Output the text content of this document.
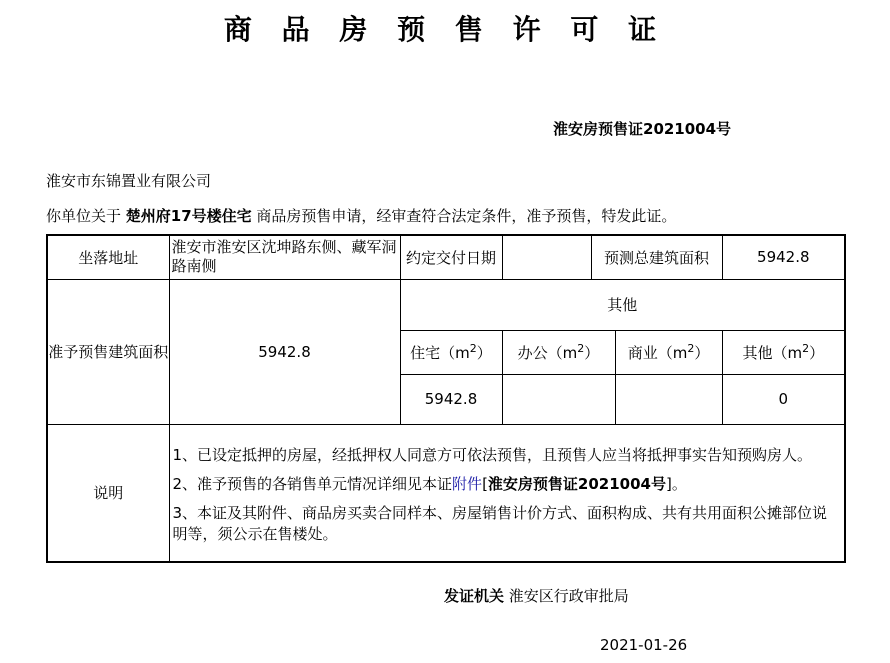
商 品 房 预 售 许 可 证
淮安房预售证2021004号
淮安市东锦置业有限公司
你单位关于 楚州府17号楼住宅 商品房预售申请，经审查符合法定条件，准予预售，特发此证。
坐落地址	淮安市淮安区沈坤路东侧、藏军洞路南侧	约定交付日期		预测总建筑面积		5942.8
准予预售建筑面积	5942.8	其他				
		住宅$(m^2)$	办公$(m^2)$		商业$(m^2)$	其他$(m^2)$
		5942.8				0
说明	1、已设定抵押的房屋，经抵押权人同意方可依法预售，且预售人应当将抵押事实告知预购房人。

2、准予预售的各销售单元情况详细见本证附件[淮安房预售证2021004号]。

3、本证及其附件、商品房买卖合同样本、房屋销售计价方式、面积构成、共有共用面积公摊部位说明等，须公示在售楼处。					

发证机关 淮安区行政审批局
2021-01-26
